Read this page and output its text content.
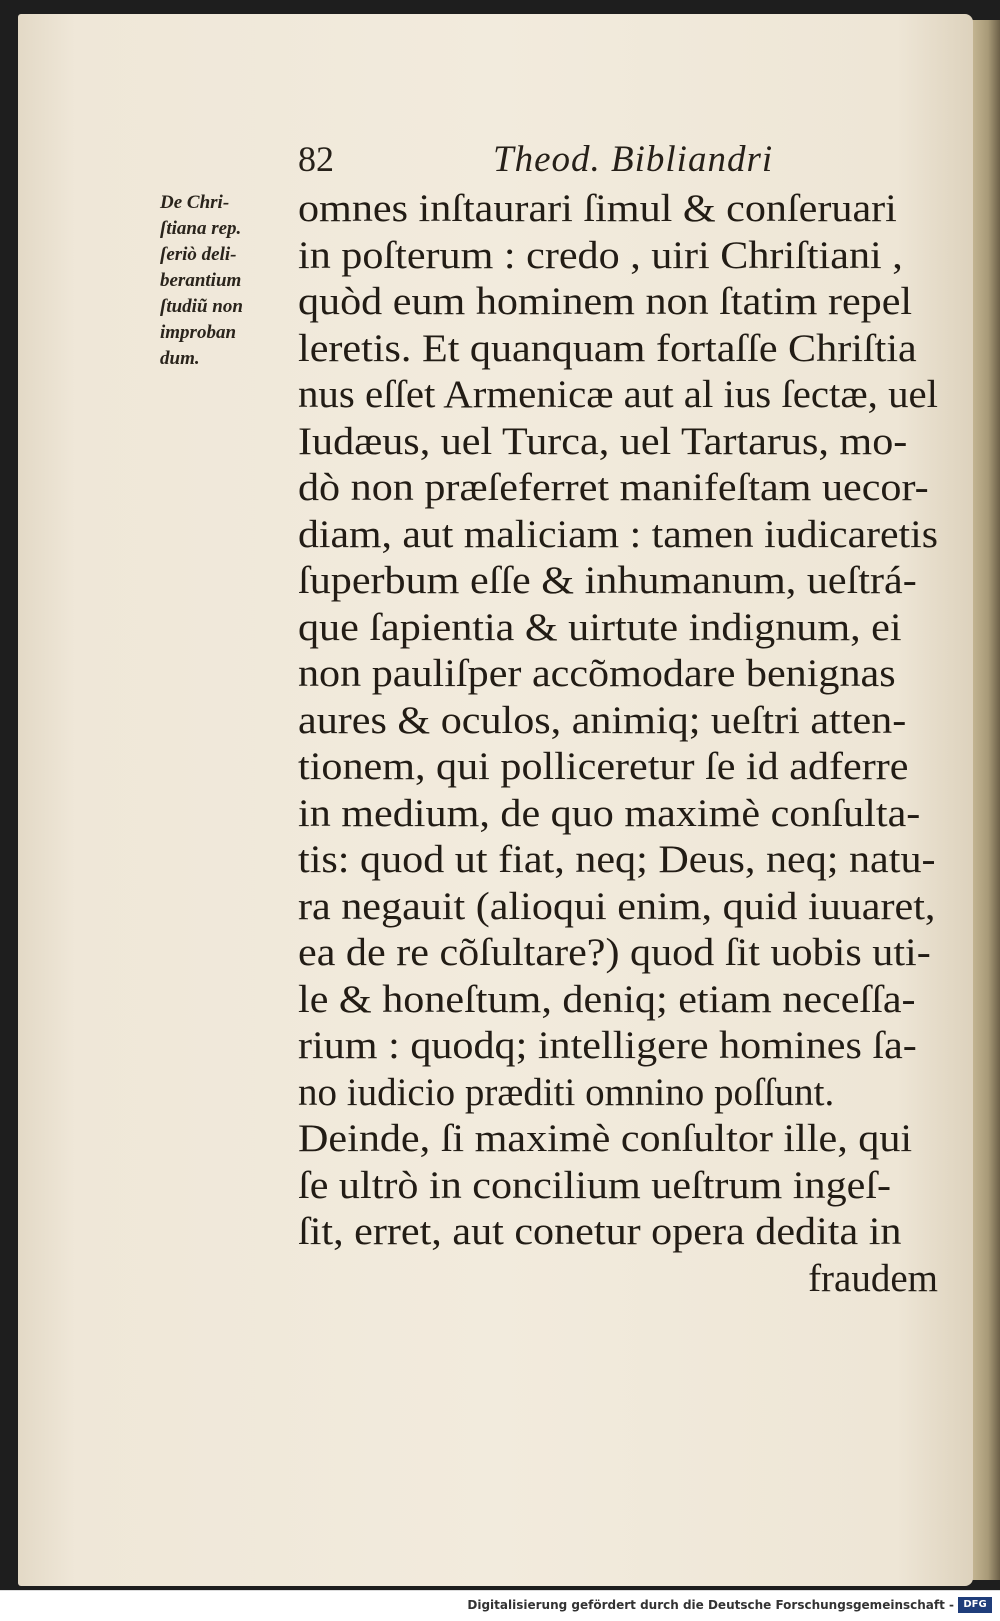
82	Theod. Bibliandri
De Chri-
ſtiana rep.
ſeriò deli-
berantium
ſtudiũ non
improban
dum.
omnes inſtaurari ſimul & conſeruari
in poſterum : credo , uiri Chriſtiani ,
quòd eum hominem non ſtatim repel
leretis. Et quanquam fortaſſe Chriſtia
nus eſſet Armenicæ aut al ius ſectæ, uel
Iudæus, uel Turca, uel Tartarus, mo-
dò non præſeferret manifeſtam uecor-
diam, aut maliciam : tamen iudicaretis
ſuperbum eſſe & inhumanum, ueſtrá-
que ſapientia & uirtute indignum, ei
non pauliſper accõmodare benignas
aures & oculos, animiq; ueſtri atten-
tionem, qui polliceretur ſe id adferre
in medium, de quo maximè conſulta-
tis: quod ut fiat, neq; Deus, neq; natu-
ra negauit (alioqui enim, quid iuuaret,
ea de re cõſultare?) quod ſit uobis uti-
le & honeſtum, deniq; etiam neceſſa-
rium : quodq; intelligere homines ſa-
no iudicio præditi omnino poſſunt.
Deinde, ſi maximè conſultor ille, qui
ſe ultrò in concilium ueſtrum ingeſ-
ſit, erret, aut conetur opera dedita in
fraudem
Digitalisierung gefördert durch die Deutsche Forschungsgemeinschaft - DFG
